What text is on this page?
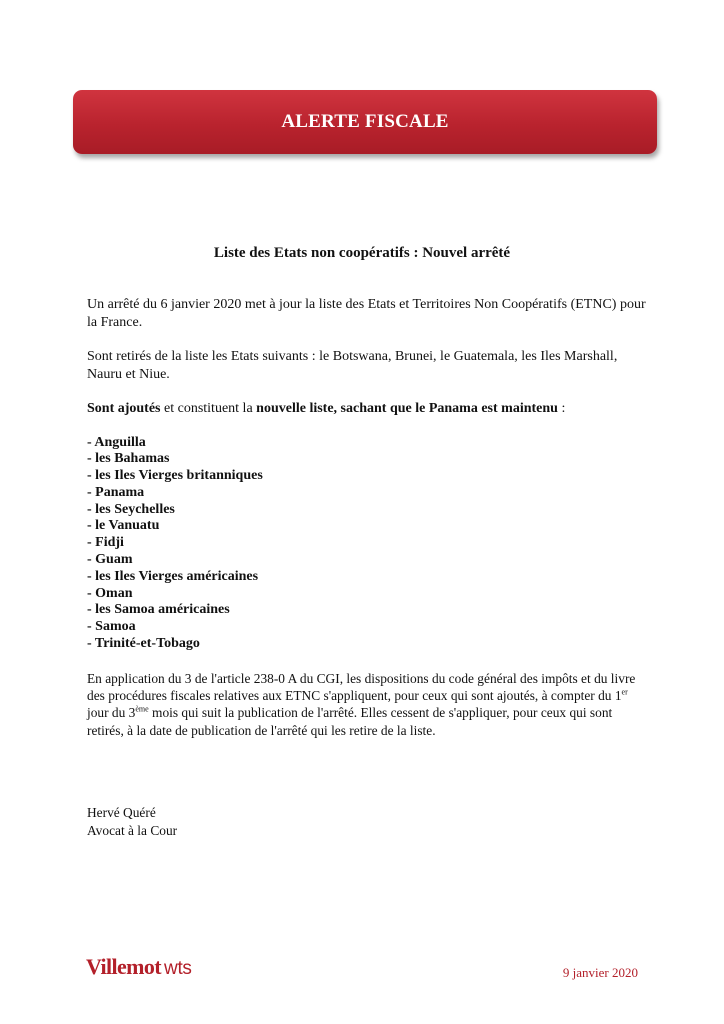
ALERTE FISCALE
Liste des Etats non coopératifs : Nouvel arrêté

Un arrêté du 6 janvier 2020 met à jour la liste des Etats et Territoires Non Coopératifs (ETNC) pour la France.

Sont retirés de la liste les Etats suivants : le Botswana, Brunei, le Guatemala, les Iles Marshall, Nauru et Niue.

Sont ajoutés et constituent la nouvelle liste, sachant que le Panama est maintenu :

- Anguilla
- les Bahamas
- les Iles Vierges britanniques
- Panama
- les Seychelles
- le Vanuatu
- Fidji
- Guam
- les Iles Vierges américaines
- Oman
- les Samoa américaines
- Samoa
- Trinité-et-Tobago

En application du 3 de l'article 238-0 A du CGI, les dispositions du code général des impôts et du livre des procédures fiscales relatives aux ETNC s'appliquent, pour ceux qui sont ajoutés, à compter du 1er jour du 3ème mois qui suit la publication de l'arrêté. Elles cessent de s'appliquer, pour ceux qui sont retirés, à la date de publication de l'arrêté qui les retire de la liste.

Hervé Quéré
Avocat à la Cour
Villemot wts	9 janvier 2020
